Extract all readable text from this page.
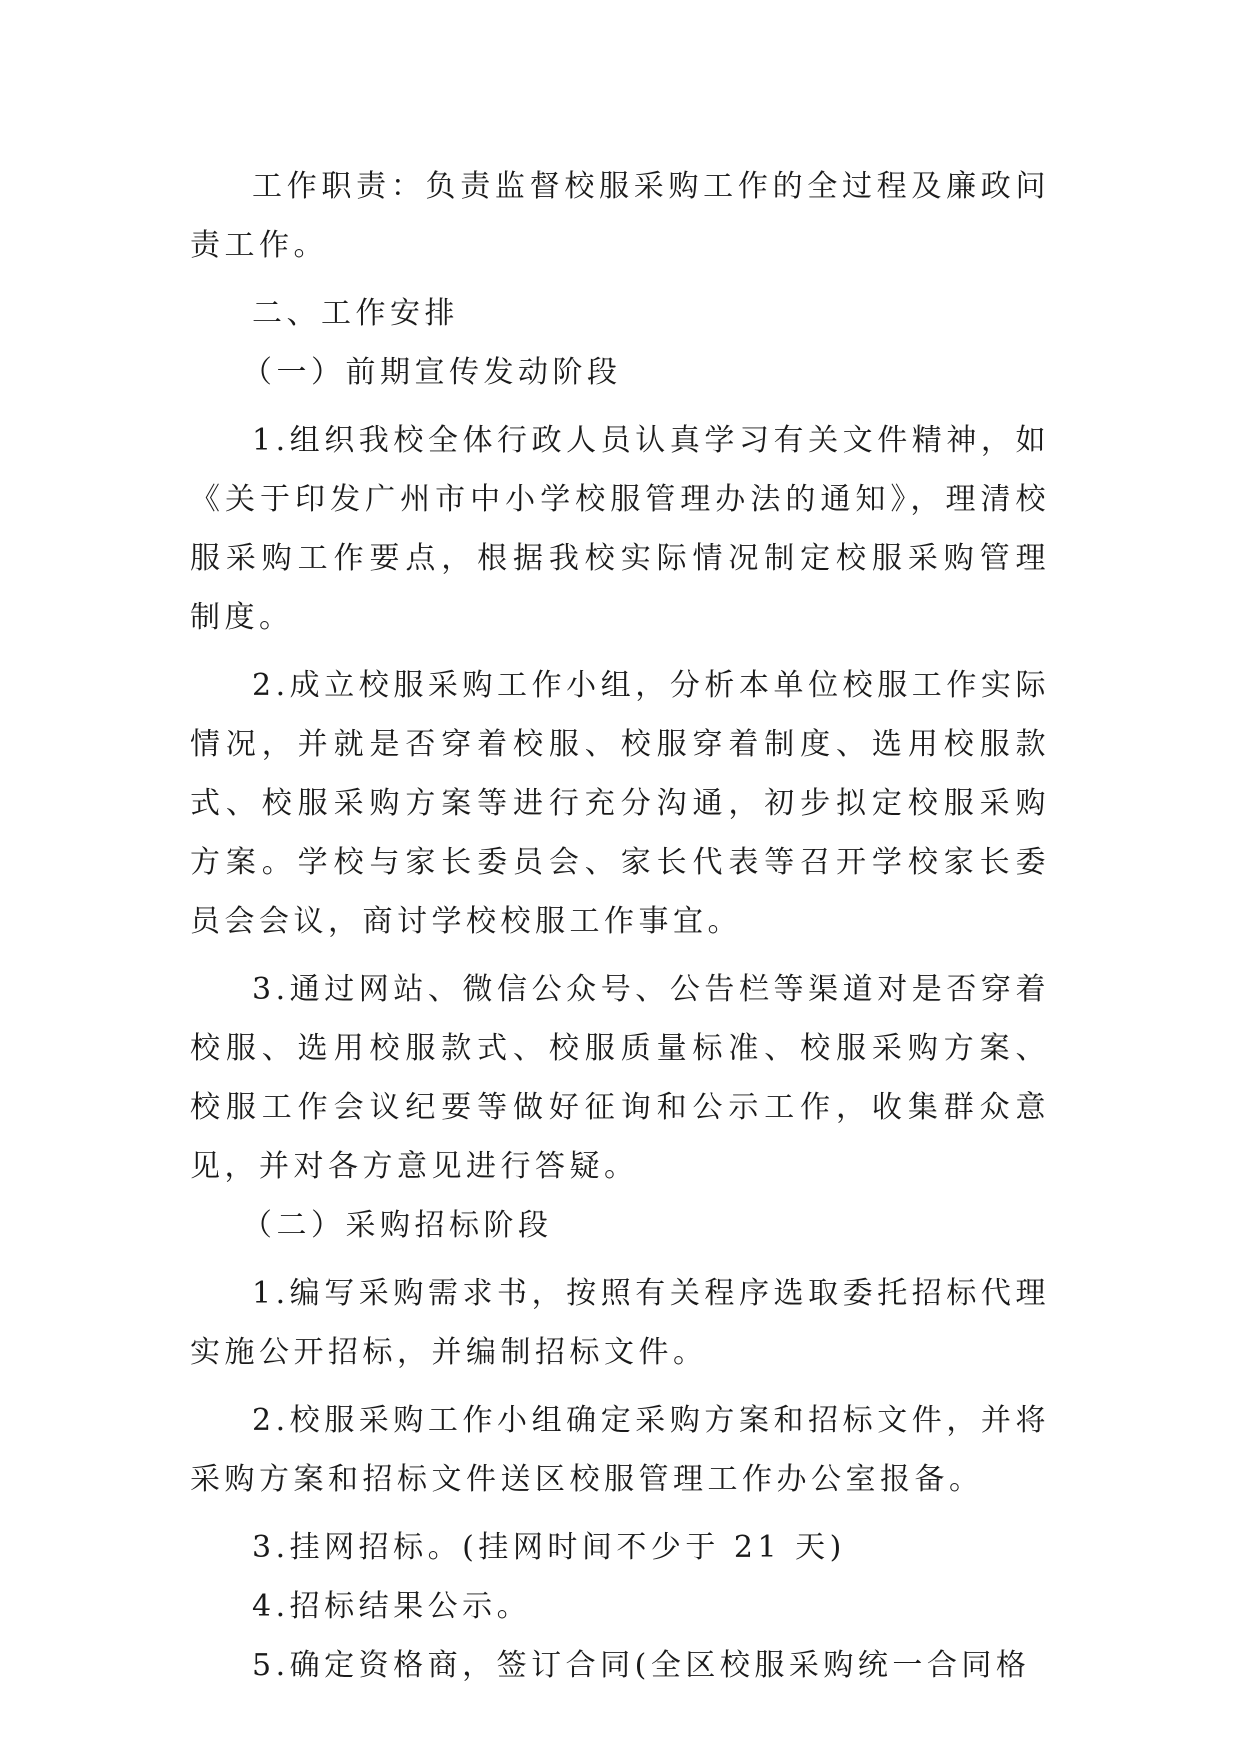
工作职责：负责监督校服采购工作的全过程及廉政问责工作。

二、工作安排

（一）前期宣传发动阶段

1.组织我校全体行政人员认真学习有关文件精神，如《关于印发广州市中小学校服管理办法的通知》，理清校服采购工作要点，根据我校实际情况制定校服采购管理制度。

2.成立校服采购工作小组，分析本单位校服工作实际情况，并就是否穿着校服、校服穿着制度、选用校服款式、校服采购方案等进行充分沟通，初步拟定校服采购方案。学校与家长委员会、家长代表等召开学校家长委员会会议，商讨学校校服工作事宜。

3.通过网站、微信公众号、公告栏等渠道对是否穿着校服、选用校服款式、校服质量标准、校服采购方案、校服工作会议纪要等做好征询和公示工作，收集群众意见，并对各方意见进行答疑。

（二）采购招标阶段

1.编写采购需求书，按照有关程序选取委托招标代理实施公开招标，并编制招标文件。

2.校服采购工作小组确定采购方案和招标文件，并将采购方案和招标文件送区校服管理工作办公室报备。

3.挂网招标。(挂网时间不少于 21 天)

4.招标结果公示。

5.确定资格商，签订合同(全区校服采购统一合同格
